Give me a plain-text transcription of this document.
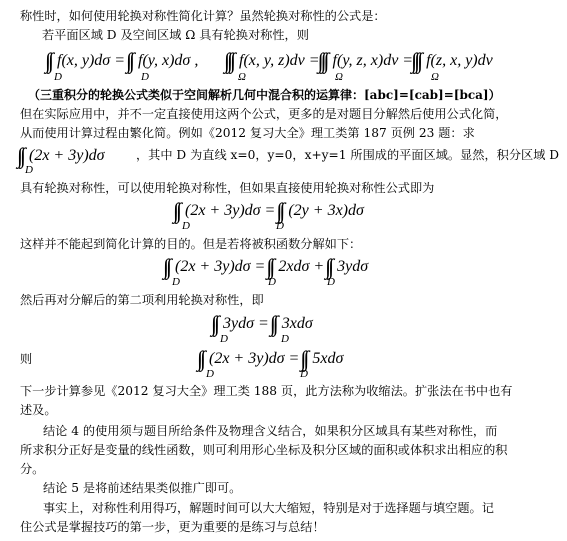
称性时，如何使用轮换对称性简化计算？虽然轮换对称性的公式是：
若平面区域 D 及空间区域 Ω 具有轮换对称性，则
f(x, y)dσ = f(y, x)dσ ,
D	D
f(x, y, z)dv = f(y, z, x)dv = f(z, x, y)dv
Ω	Ω	Ω
（三重积分的轮换公式类似于空间解析几何中混合积的运算律：[abc]=[cab]=[bca]）
但在实际应用中，并不一定直接使用这两个公式，更多的是对题目分解然后使用公式化简，
从而使用计算过程由繁化简。例如《2012 复习大全》理工类第 187 页例 23 题：求
(2x + 3y)dσ
D
，其中 D 为直线 x=0，y=0，x+y=1 所围成的平面区域。显然，积分区域 D
具有轮换对称性，可以使用轮换对称性，但如果直接使用轮换对称性公式即为
(2x + 3y)dσ = (2y + 3x)dσ
D	D
这样并不能起到简化计算的目的。但是若将被积函数分解如下：
(2x + 3y)dσ = 2xdσ + 3ydσ
D	D	D
然后再对分解后的第二项利用轮换对称性，即
3ydσ = 3xdσ
D	D
则	(2x + 3y)dσ = 5xdσ
D	D
下一步计算参见《2012 复习大全》理工类 188 页，此方法称为收缩法。扩张法在书中也有
述及。
结论 4 的使用须与题目所给条件及物理含义结合，如果积分区域具有某些对称性，而
所求积分正好是变量的线性函数，则可利用形心坐标及积分区域的面积或体积求出相应的积
分。
结论 5 是将前述结果类似推广即可。
事实上，对称性利用得巧，解题时间可以大大缩短，特别是对于选择题与填空题。记
住公式是掌握技巧的第一步，更为重要的是练习与总结！
